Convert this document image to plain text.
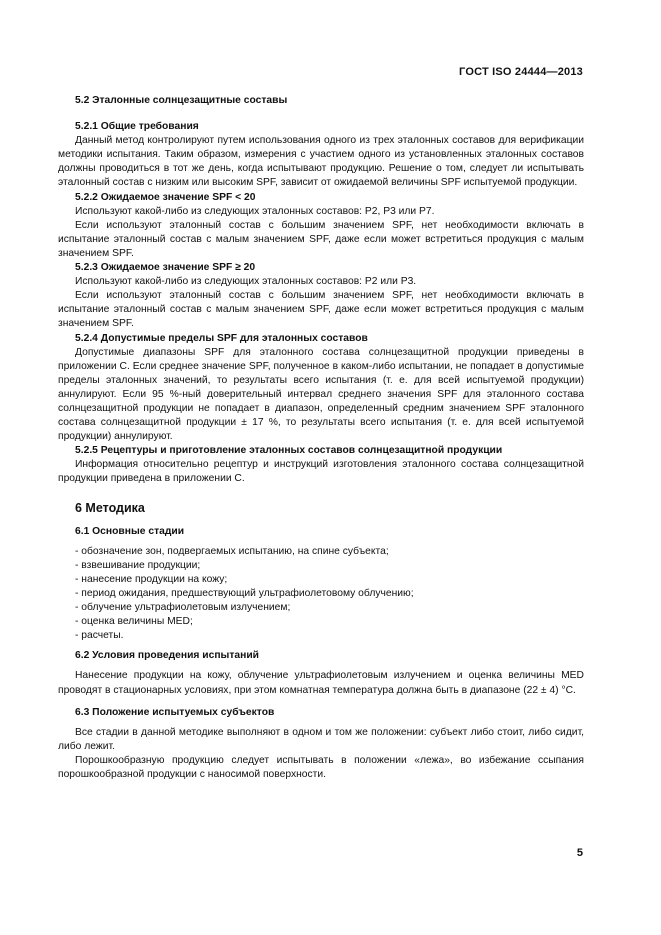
ГОСТ ISO 24444—2013

5.2 Эталонные солнцезащитные составы

5.2.1 Общие требования

Данный метод контролируют путем использования одного из трех эталонных составов для верификации методики испытания. Таким образом, измерения с участием одного из установленных эталонных составов должны проводиться в тот же день, когда испытывают продукцию. Решение о том, следует ли испытывать эталонный состав с низким или высоким SPF, зависит от ожидаемой величины SPF испытуемой продукции.

5.2.2 Ожидаемое значение SPF < 20

Используют какой-либо из следующих эталонных составов: Р2, Р3 или Р7.

Если используют эталонный состав с большим значением SPF, нет необходимости включать в испытание эталонный состав с малым значением SPF, даже если может встретиться продукция с малым значением SPF.

5.2.3 Ожидаемое значение SPF ≥ 20

Используют какой-либо из следующих эталонных составов: Р2 или Р3.

Если используют эталонный состав с большим значением SPF, нет необходимости включать в испытание эталонный состав с малым значением SPF, даже если может встретиться продукция с малым значением SPF.

5.2.4 Допустимые пределы SPF для эталонных составов

Допустимые диапазоны SPF для эталонного состава солнцезащитной продукции приведены в приложении С. Если среднее значение SPF, полученное в каком-либо испытании, не попадает в допустимые пределы эталонных значений, то результаты всего испытания (т. е. для всей испытуемой продукции) аннулируют. Если 95 %-ный доверительный интервал среднего значения SPF для эталонного состава солнцезащитной продукции не попадает в диапазон, определенный средним значением SPF эталонного состава солнцезащитной продукции ± 17 %, то результаты всего испытания (т. е. для всей испытуемой продукции) аннулируют.

5.2.5 Рецептуры и приготовление эталонных составов солнцезащитной продукции

Информация относительно рецептур и инструкций изготовления эталонного состава солнцезащитной продукции приведена в приложении С.

6 Методика

6.1 Основные стадии

- обозначение зон, подвергаемых испытанию, на спине субъекта;

- взвешивание продукции;

- нанесение продукции на кожу;

- период ожидания, предшествующий ультрафиолетовому облучению;

- облучение ультрафиолетовым излучением;

- оценка величины MED;

- расчеты.

6.2 Условия проведения испытаний

Нанесение продукции на кожу, облучение ультрафиолетовым излучением и оценка величины MED проводят в стационарных условиях, при этом комнатная температура должна быть в диапазоне (22 ± 4) °С.

6.3 Положение испытуемых субъектов

Все стадии в данной методике выполняют в одном и том же положении: субъект либо стоит, либо сидит, либо лежит.

Порошкообразную продукцию следует испытывать в положении «лежа», во избежание ссыпания порошкообразной продукции с наносимой поверхности.

5
